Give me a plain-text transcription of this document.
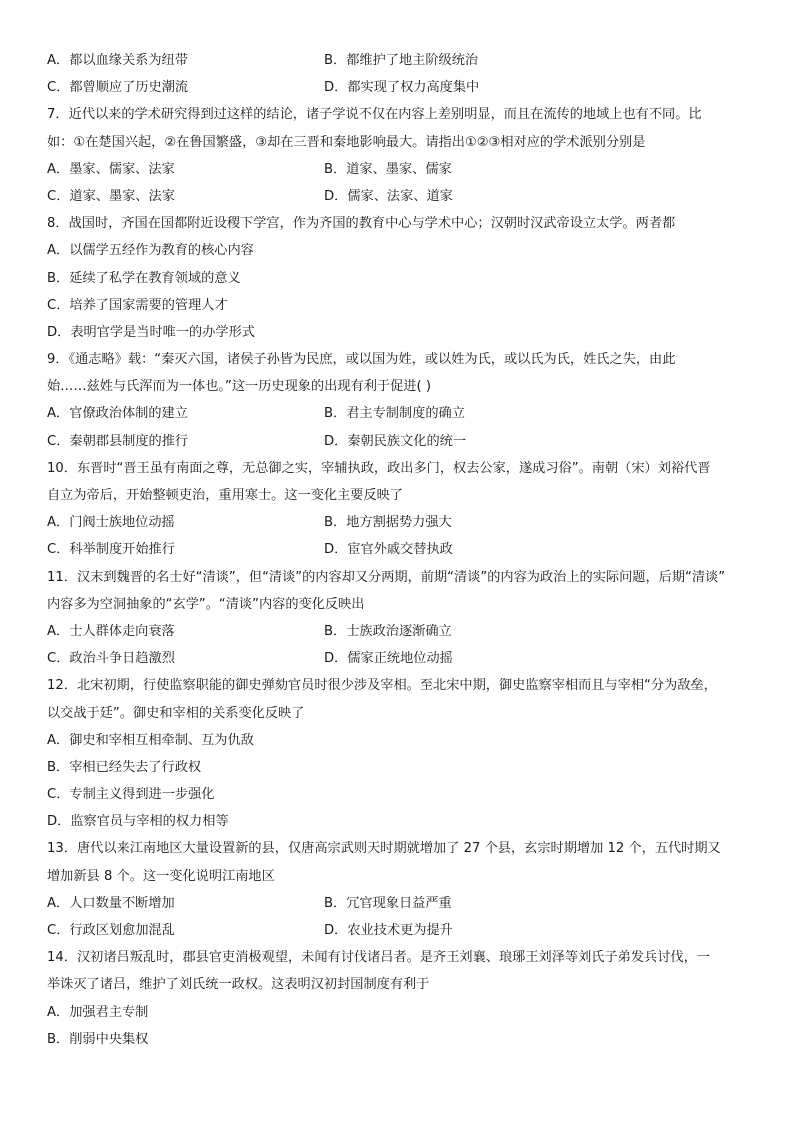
A．都以血缘关系为纽带	B．都维护了地主阶级统治
C．都曾顺应了历史潮流	D．都实现了权力高度集中
7．近代以来的学术研究得到过这样的结论，诸子学说不仅在内容上差别明显，而且在流传的地域上也有不同。比
如：①在楚国兴起，②在鲁国繁盛，③却在三晋和秦地影响最大。请指出①②③相对应的学术派别分别是
A．墨家、儒家、法家	B．道家、墨家、儒家
C．道家、墨家、法家	D．儒家、法家、道家
8．战国时，齐国在国都附近设稷下学宫，作为齐国的教育中心与学术中心；汉朝时汉武帝设立太学。两者都
A．以儒学五经作为教育的核心内容
B．延续了私学在教育领域的意义
C．培养了国家需要的管理人才
D．表明官学是当时唯一的办学形式
9．《通志略》载：“秦灭六国，诸侯子孙皆为民庶，或以国为姓，或以姓为氏，或以氏为氏，姓氏之失，由此
始……兹姓与氏浑而为一体也。”这一历史现象的出现有利于促进( )
A．官僚政治体制的建立	B．君主专制制度的确立
C．秦朝郡县制度的推行	D．秦朝民族文化的统一
10．东晋时“晋王虽有南面之尊，无总御之实，宰辅执政，政出多门，权去公家，遂成习俗”。南朝（宋）刘裕代晋
自立为帝后，开始整顿吏治，重用寒士。这一变化主要反映了
A．门阀士族地位动摇	B．地方割据势力强大
C．科举制度开始推行	D．宦官外戚交替执政
11．汉末到魏晋的名士好“清谈”，但“清谈”的内容却又分两期，前期“清谈”的内容为政治上的实际问题，后期“清谈”
内容多为空洞抽象的“玄学”。“清谈”内容的变化反映出
A．士人群体走向衰落	B．士族政治逐渐确立
C．政治斗争日趋激烈	D．儒家正统地位动摇
12．北宋初期，行使监察职能的御史弹劾官员时很少涉及宰相。至北宋中期，御史监察宰相而且与宰相“分为敌垒，
以交战于廷”。御史和宰相的关系变化反映了
A．御史和宰相互相牵制、互为仇敌
B．宰相已经失去了行政权
C．专制主义得到进一步强化
D．监察官员与宰相的权力相等
13．唐代以来江南地区大量设置新的县，仅唐高宗武则天时期就增加了 27 个县，玄宗时期增加 12 个，五代时期又
增加新县 8 个。这一变化说明江南地区
A．人口数量不断增加	B．冗官现象日益严重
C．行政区划愈加混乱	D．农业技术更为提升
14．汉初诸吕叛乱时，郡县官吏消极观望，未闻有讨伐诸吕者。是齐王刘襄、琅琊王刘泽等刘氏子弟发兵讨伐，一
举诛灭了诸吕，维护了刘氏统一政权。这表明汉初封国制度有利于
A．加强君主专制
B．削弱中央集权
